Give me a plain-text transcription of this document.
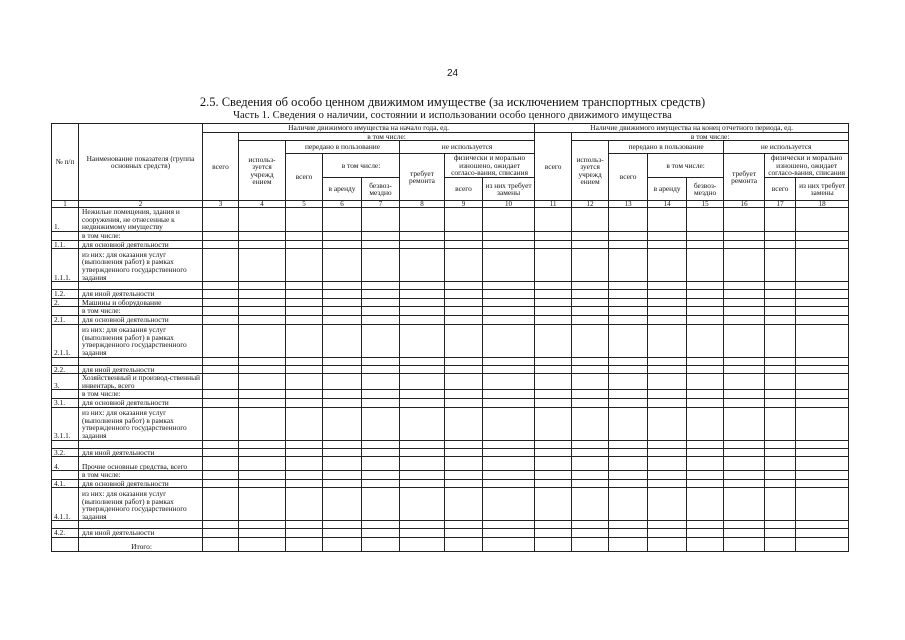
24
2.5. Сведения об особо ценном движимом имуществе (за исключением транспортных средств)
Часть 1. Сведения о наличии, состоянии и использовании особо ценного движимого имущества
№ п/п	Наименование показателя (группа основных средств)	Наличие движимого имущества на начало года, ед.								Наличие движимого имущества на конец отчетного периода, ед.							
		всего	в том числе:							всего	в том числе:						
			использ-зуется учрежд ением	передано в пользование			не используется				использ-зуется учрежд ением	передано в пользование			не используется		
				всего	в том числе:		требует ремонта	физически и морально изношено, ожидает согласо-вания, списания				всего	в том числе:		требует ремонта	физически и морально изношено, ожидает согласо-вания, списания	
					в аренду	безвоз-мездно		всего	из них требует замены				в аренду	безвоз-мездно		всего	из них требует замены
1	2	3	4	5	6	7	8	9	10	11	12	13	14	15	16	17	18
1.	Нежилые помещения, здания и сооружения, не отнесенные к недвижимому имуществу																
	в том числе:																
1.1.	для основной деятельности																
1.1.1.	из них: для оказания услуг (выполнения работ) в рамках утвержденного государственного задания																

1.2.	для иной деятельности																
2.	Машины и оборудование																
	в том числе:																
2.1.	для основной деятельности																
2.1.1.	из них: для оказания услуг (выполнения работ) в рамках утвержденного государственного задания																

2.2.	для иной деятельности																
3.	Хозяйственный и производ-ственный инвентарь, всего																
	в том числе:																
3.1.	для основной деятельности																
3.1.1.	из них: для оказания услуг (выполнения работ) в рамках утвержденного государственного задания																

3.2.	для иной деятельности																
4.	Прочие основные средства, всего																
	в том числе:																
4.1.	для основной деятельности																
4.1.1.	из них: для оказания услуг (выполнения работ) в рамках утвержденного государственного задания																

4.2.	для иной деятельности																
	Итого:																
